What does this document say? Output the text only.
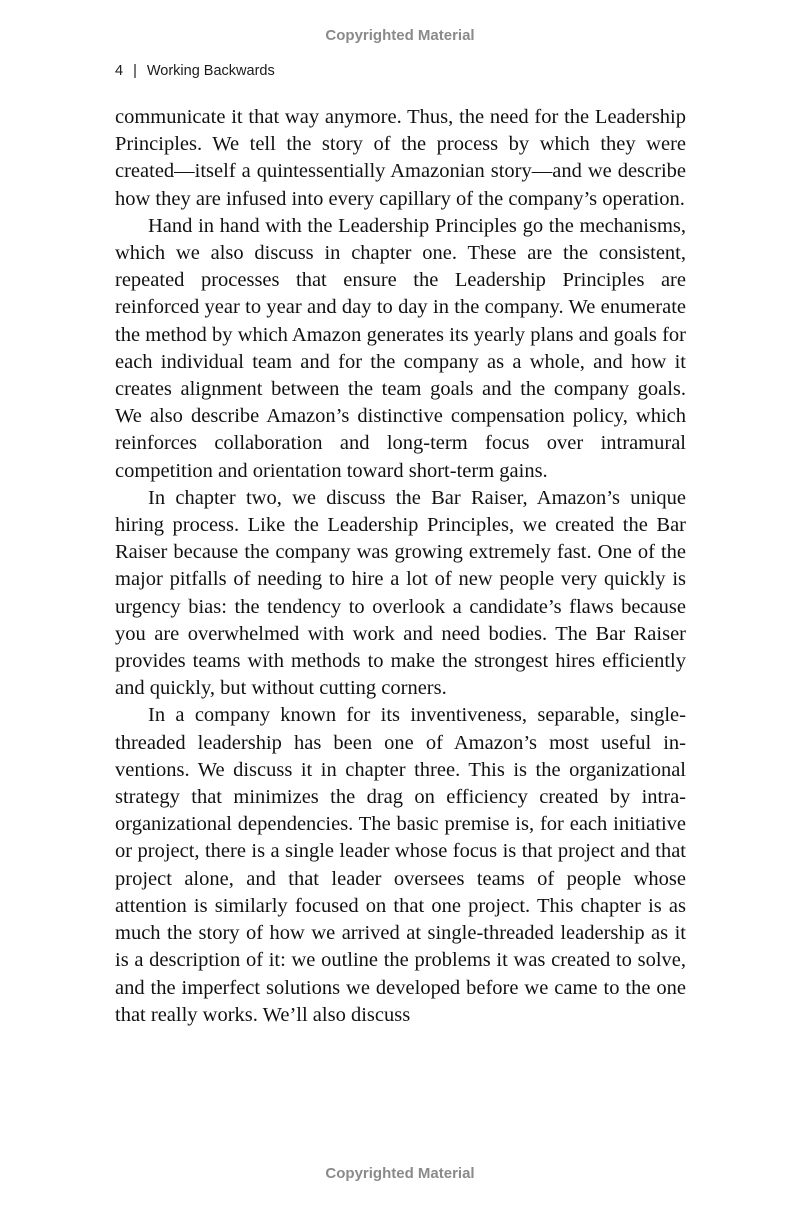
Copyrighted Material
4 | Working Backwards

communicate it that way anymore. Thus, the need for the Leadership Principles. We tell the story of the process by which they were created—itself a quintessentially Amazonian story—and we describe how they are infused into every capillary of the company’s operation.

Hand in hand with the Leadership Principles go the mechanisms, which we also discuss in chapter one. These are the consistent, repeated processes that ensure the Leadership Principles are reinforced year to year and day to day in the company. We enumerate the method by which Amazon generates its yearly plans and goals for each individual team and for the company as a whole, and how it creates alignment between the team goals and the company goals. We also describe Amazon’s distinctive compensation policy, which reinforces collaboration and long-term focus over intramural competition and orientation toward short-term gains.

In chapter two, we discuss the Bar Raiser, Amazon’s unique hiring process. Like the Leadership Principles, we created the Bar Raiser because the company was growing extremely fast. One of the major pitfalls of needing to hire a lot of new people very quickly is urgency bias: the tendency to overlook a candidate’s flaws because you are overwhelmed with work and need bodies. The Bar Raiser provides teams with methods to make the strongest hires efficiently and quickly, but without cutting corners.

In a company known for its inventiveness, separable, single-threaded leadership has been one of Amazon’s most useful inventions. We discuss it in chapter three. This is the organizational strategy that minimizes the drag on efficiency created by intra-organizational dependencies. The basic premise is, for each initiative or project, there is a single leader whose focus is that project and that project alone, and that leader oversees teams of people whose attention is similarly focused on that one project. This chapter is as much the story of how we arrived at single-threaded leadership as it is a description of it: we outline the problems it was created to solve, and the imperfect solutions we developed before we came to the one that really works. We’ll also discuss

Copyrighted Material
